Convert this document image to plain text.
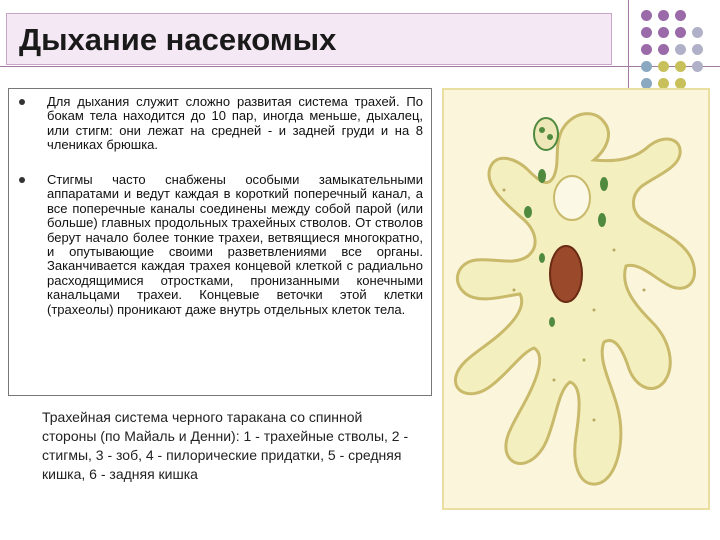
Дыхание насекомых

Для дыхания служит сложно развитая система трахей. По бокам тела находится до 10 пар, иногда меньше, дыхалец, или стигм: они лежат на средней - и задней груди и на 8 члениках брюшка.

Стигмы часто снабжены особыми замыкательными аппаратами и ведут каждая в короткий поперечный канал, а все поперечные каналы соединены между собой парой (или больше) главных продольных трахейных стволов. От стволов берут начало более тонкие трахеи, ветвящиеся многократно, и опутывающие своими разветвлениями все органы. Заканчивается каждая трахея концевой клеткой с радиально расходящимися отростками, пронизанными конечными канальцами трахеи. Концевые веточки этой клетки (трахеолы) проникают даже внутрь отдельных клеток тела.

Трахейная система черного таракана со спинной стороны (по Майаль и Денни): 1 - трахейные стволы, 2 - стигмы, 3 - зоб, 4 - пилорические придатки, 5 - средняя кишка, 6 - задняя кишка
